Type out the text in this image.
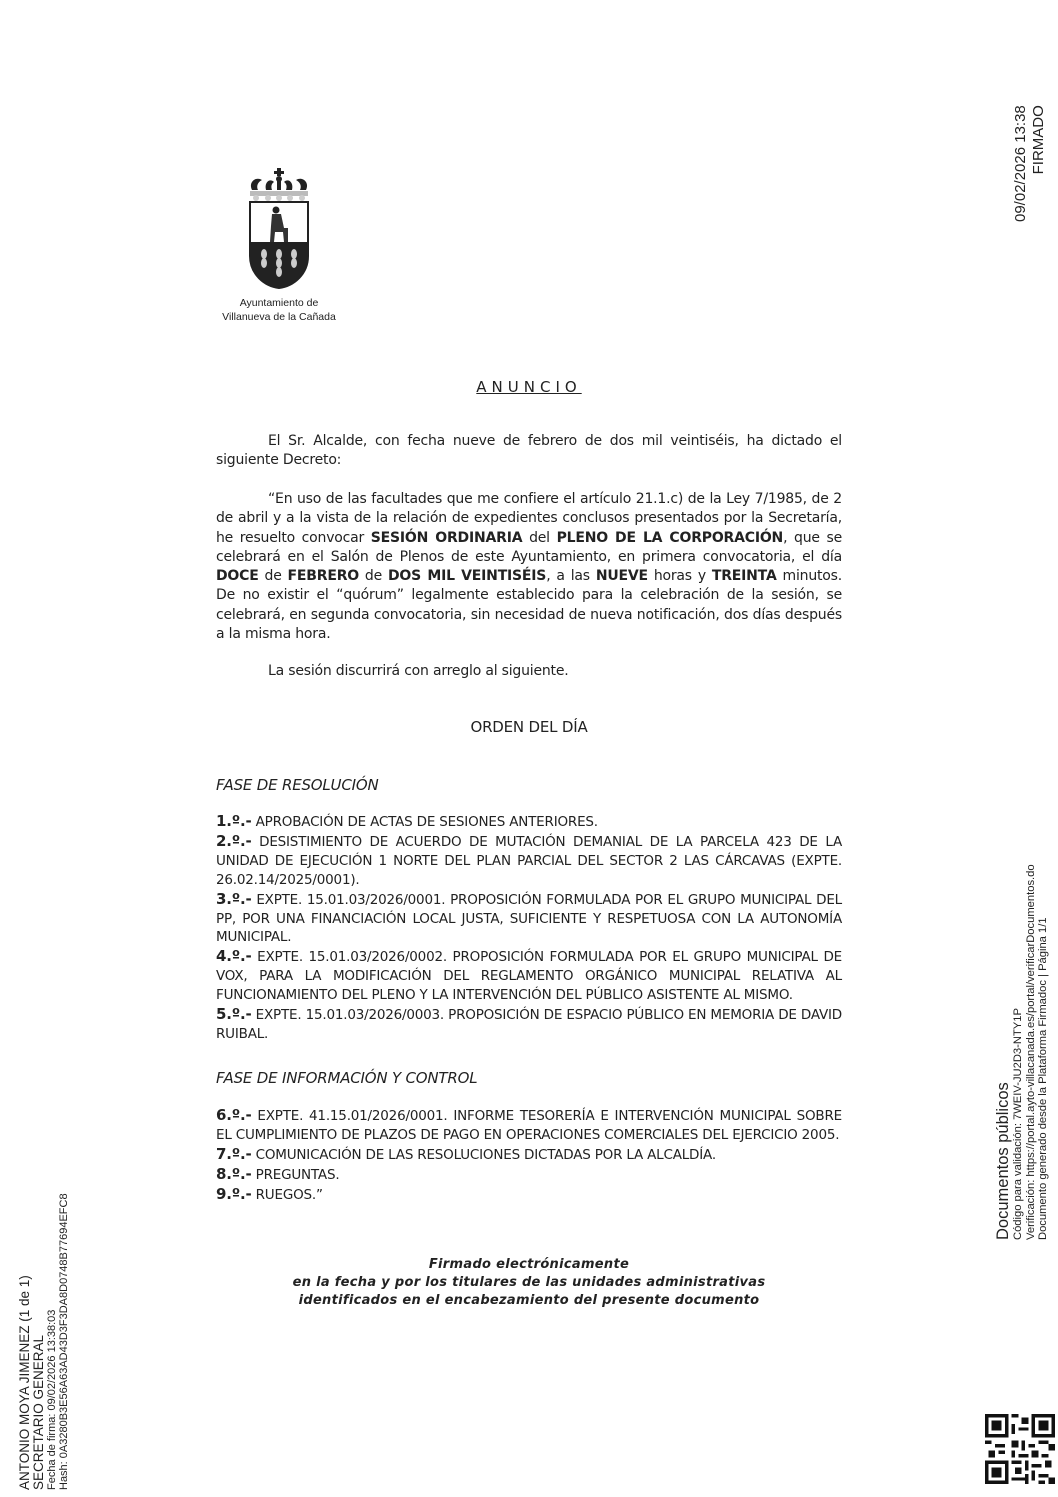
09/02/2026 13:38 FIRMADO
Ayuntamiento de
Villanueva de la Cañada
ANUNCIO
El Sr. Alcalde, con fecha nueve de febrero de dos mil veintiséis, ha dictado el siguiente Decreto:
“En uso de las facultades que me confiere el artículo 21.1.c) de la Ley 7/1985, de 2 de abril y a la vista de la relación de expedientes conclusos presentados por la Secretaría, he resuelto convocar SESIÓN ORDINARIA del PLENO DE LA CORPORACIÓN, que se celebrará en el Salón de Plenos de este Ayuntamiento, en primera convocatoria, el día DOCE de FEBRERO de DOS MIL VEINTISÉIS, a las NUEVE horas y TREINTA minutos. De no existir el “quórum” legalmente establecido para la celebración de la sesión, se celebrará, en segunda convocatoria, sin necesidad de nueva notificación, dos días después a la misma hora.
La sesión discurrirá con arreglo al siguiente.
ORDEN DEL DÍA
FASE DE RESOLUCIÓN
1.º.- APROBACIÓN DE ACTAS DE SESIONES ANTERIORES.
2.º.- DESISTIMIENTO DE ACUERDO DE MUTACIÓN DEMANIAL DE LA PARCELA 423 DE LA UNIDAD DE EJECUCIÓN 1 NORTE DEL PLAN PARCIAL DEL SECTOR 2 LAS CÁRCAVAS (EXPTE. 26.02.14/2025/0001).
3.º.- EXPTE. 15.01.03/2026/0001. PROPOSICIÓN FORMULADA POR EL GRUPO MUNICIPAL DEL PP, POR UNA FINANCIACIÓN LOCAL JUSTA, SUFICIENTE Y RESPETUOSA CON LA AUTONOMÍA MUNICIPAL.
4.º.- EXPTE. 15.01.03/2026/0002. PROPOSICIÓN FORMULADA POR EL GRUPO MUNICIPAL DE VOX, PARA LA MODIFICACIÓN DEL REGLAMENTO ORGÁNICO MUNICIPAL RELATIVA AL FUNCIONAMIENTO DEL PLENO Y LA INTERVENCIÓN DEL PÚBLICO ASISTENTE AL MISMO.
5.º.- EXPTE. 15.01.03/2026/0003. PROPOSICIÓN DE ESPACIO PÚBLICO EN MEMORIA DE DAVID RUIBAL.
FASE DE INFORMACIÓN Y CONTROL
6.º.- EXPTE. 41.15.01/2026/0001. INFORME TESORERÍA E INTERVENCIÓN MUNICIPAL SOBRE EL CUMPLIMIENTO DE PLAZOS DE PAGO EN OPERACIONES COMERCIALES DEL EJERCICIO 2005.
7.º.- COMUNICACIÓN DE LAS RESOLUCIONES DICTADAS POR LA ALCALDÍA.
8.º.- PREGUNTAS.
9.º.- RUEGOS.”
Firmado electrónicamente
en la fecha y por los titulares de las unidades administrativas
identificados en el encabezamiento del presente documento
ANTONIO MOYA JIMENEZ (1 de 1) SECRETARIO GENERAL Fecha de firma: 09/02/2026 13:38:03 Hash: 0A3280B3E56A63AD43D3F3DA8D0748B77694EFC8
Documentos públicos Código para validación: 7WEIV-JU2D3-NTY1P Verificación: https://portal.ayto-villacanada.es/portal/verificarDocumentos.do Documento generado desde la Plataforma Firmadoc | Página 1/1
